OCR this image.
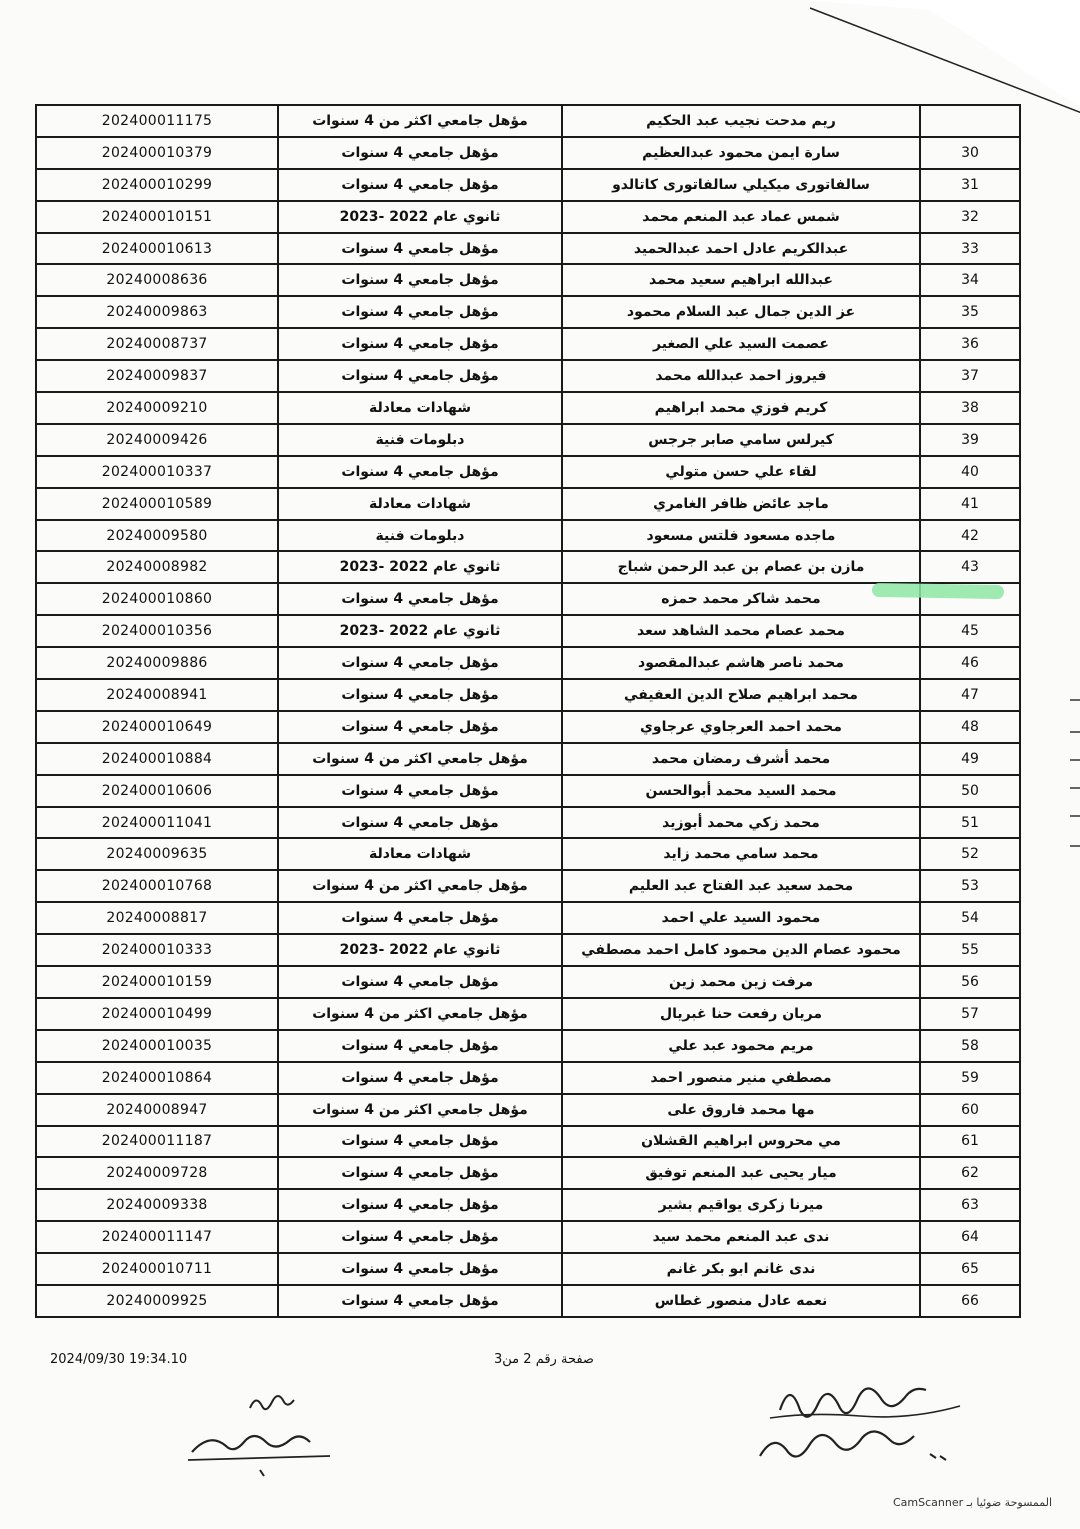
202400011175	مؤهل جامعي اكثر من 4 سنوات	ريم مدحت نجيب عبد الحكيم	
202400010379	مؤهل جامعي 4 سنوات	سارة ايمن محمود عبدالعظيم	30
202400010299	مؤهل جامعي 4 سنوات	سالفاتورى ميكيلي سالفاتورى كاتالدو	31
202400010151	ثانوي عام 2022 -2023	شمس عماد عبد المنعم محمد	32
202400010613	مؤهل جامعي 4 سنوات	عبدالكريم عادل احمد عبدالحميد	33
20240008636	مؤهل جامعي 4 سنوات	عبدالله ابراهيم سعيد محمد	34
20240009863	مؤهل جامعي 4 سنوات	عز الدين جمال عبد السلام محمود	35
20240008737	مؤهل جامعي 4 سنوات	عصمت السيد علي الصغير	36
20240009837	مؤهل جامعي 4 سنوات	فيروز احمد عبدالله محمد	37
20240009210	شهادات معادلة	كريم فوزي محمد ابراهيم	38
20240009426	دبلومات فنية	كيرلس سامي صابر جرجس	39
202400010337	مؤهل جامعي 4 سنوات	لقاء علي حسن متولي	40
202400010589	شهادات معادلة	ماجد عائض ظافر الغامري	41
20240009580	دبلومات فنية	ماجده مسعود فلتس مسعود	42
20240008982	ثانوي عام 2022 -2023	مازن بن عصام بن عبد الرحمن شباج	43
202400010860	مؤهل جامعي 4 سنوات	محمد شاكر محمد حمزه	
202400010356	ثانوي عام 2022 -2023	محمد عصام محمد الشاهد سعد	45
20240009886	مؤهل جامعي 4 سنوات	محمد ناصر هاشم عبدالمقصود	46
20240008941	مؤهل جامعي 4 سنوات	محمد ابراهيم صلاح الدين العفيفي	47
202400010649	مؤهل جامعي 4 سنوات	محمد احمد العرجاوي عرجاوي	48
202400010884	مؤهل جامعي اكثر من 4 سنوات	محمد أشرف رمضان محمد	49
202400010606	مؤهل جامعي 4 سنوات	محمد السيد محمد أبوالحسن	50
202400011041	مؤهل جامعي 4 سنوات	محمد زكي محمد أبوزيد	51
20240009635	شهادات معادلة	محمد سامي محمد زايد	52
202400010768	مؤهل جامعي اكثر من 4 سنوات	محمد سعيد عبد الفتاح عبد العليم	53
20240008817	مؤهل جامعي 4 سنوات	محمود السيد علي احمد	54
202400010333	ثانوي عام 2022 -2023	محمود عصام الدين محمود كامل احمد مصطفي	55
202400010159	مؤهل جامعي 4 سنوات	مرفت زين محمد زين	56
202400010499	مؤهل جامعي اكثر من 4 سنوات	مريان رفعت حنا غبريال	57
202400010035	مؤهل جامعي 4 سنوات	مريم محمود عبد علي	58
202400010864	مؤهل جامعي 4 سنوات	مصطفي منير منصور احمد	59
20240008947	مؤهل جامعي اكثر من 4 سنوات	مها محمد فاروق على	60
202400011187	مؤهل جامعي 4 سنوات	مي محروس ابراهيم القشلان	61
20240009728	مؤهل جامعي 4 سنوات	ميار يحيى عبد المنعم توفيق	62
20240009338	مؤهل جامعي 4 سنوات	ميرنا زكرى يواقيم بشير	63
202400011147	مؤهل جامعي 4 سنوات	ندى عبد المنعم محمد سيد	64
202400010711	مؤهل جامعي 4 سنوات	ندى غانم ابو بكر غانم	65
20240009925	مؤهل جامعي 4 سنوات	نعمه عادل منصور غطاس	66
2024/09/30 19:34.10	صفحة رقم 2 من3
الممسوحة ضوئيا بـ CamScanner
